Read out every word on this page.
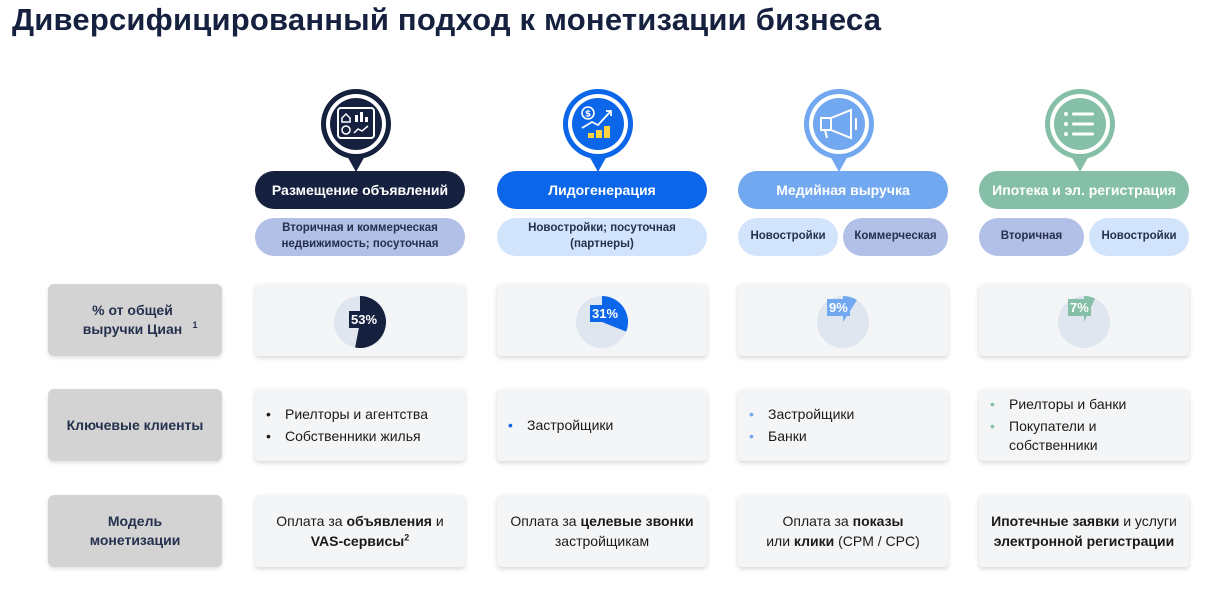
Диверсифицированный подход к монетизации бизнеса
% от общей выручки Циан $^1$
Ключевые клиенты
Модель монетизации
Размещение объявлений
Вторичная и коммерческая недвижимость; посуточная
53%
• Риелторы и агентства
• Собственники жилья
Оплата за объявления и
VAS-сервисы$^2$
$
Лидогенерация
Новостройки; посуточная (партнеры)
31%
• Застройщики
Оплата за целевые звонки
застройщикам
Медийная выручка
Новостройки	Коммерческая
9%
• Застройщики
• Банки
Оплата за показы
или клики (CPM / CPC)
Ипотека и эл. регистрация
Вторичная	Новостройки
7%
• Риелторы и банки
• Покупатели и собственники
Ипотечные заявки и услуги
электронной регистрации
